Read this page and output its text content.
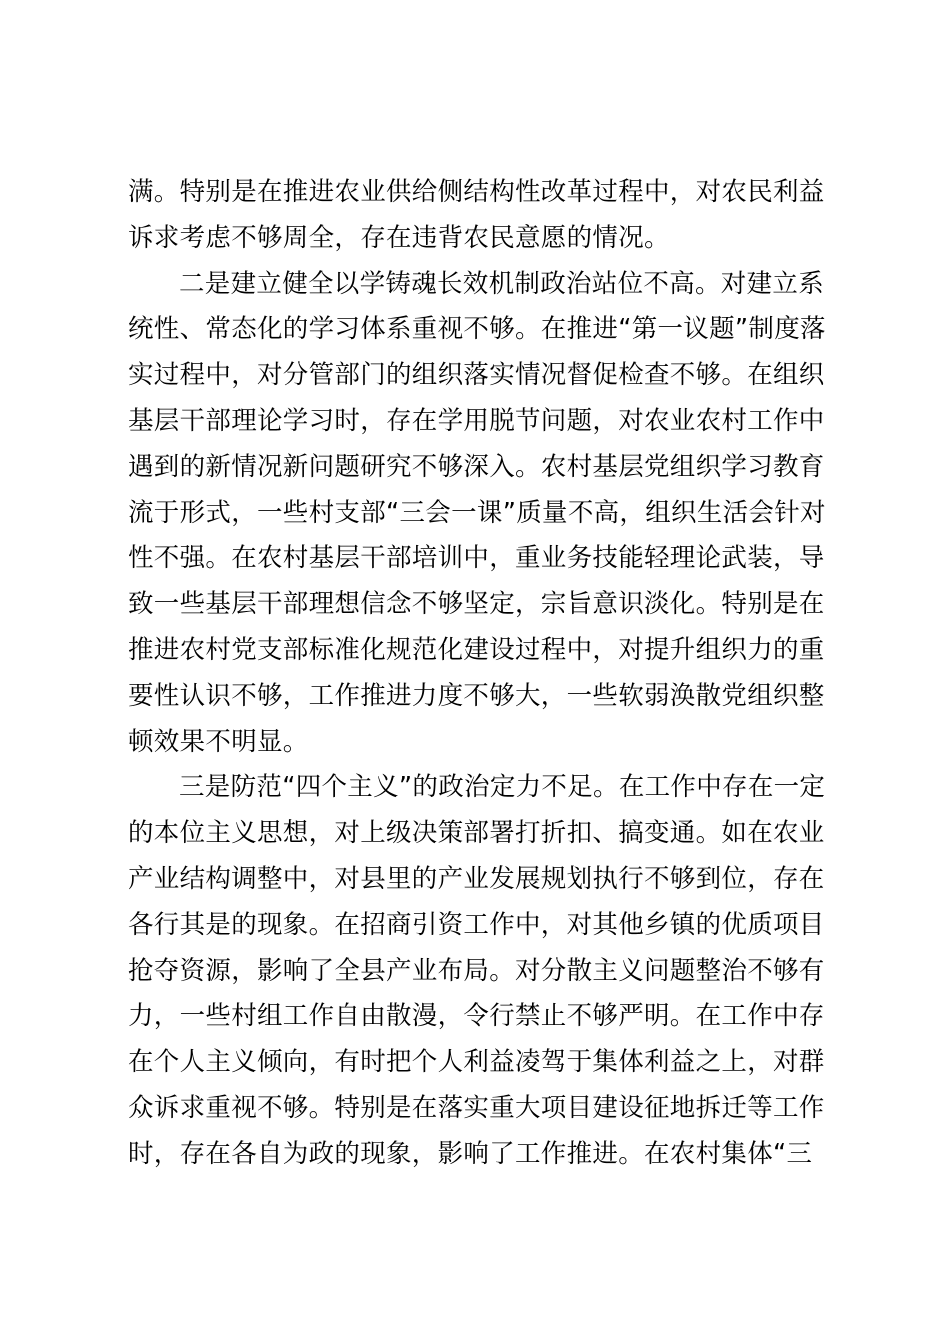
满。特别是在推进农业供给侧结构性改革过程中，对农民利益
诉求考虑不够周全，存在违背农民意愿的情况。
二是建立健全以学铸魂长效机制政治站位不高。对建立系
统性、常态化的学习体系重视不够。在推进“第一议题”制度落
实过程中，对分管部门的组织落实情况督促检查不够。在组织
基层干部理论学习时，存在学用脱节问题，对农业农村工作中
遇到的新情况新问题研究不够深入。农村基层党组织学习教育
流于形式，一些村支部“三会一课”质量不高，组织生活会针对
性不强。在农村基层干部培训中，重业务技能轻理论武装，导
致一些基层干部理想信念不够坚定，宗旨意识淡化。特别是在
推进农村党支部标准化规范化建设过程中，对提升组织力的重
要性认识不够，工作推进力度不够大，一些软弱涣散党组织整
顿效果不明显。
三是防范“四个主义”的政治定力不足。在工作中存在一定
的本位主义思想，对上级决策部署打折扣、搞变通。如在农业
产业结构调整中，对县里的产业发展规划执行不够到位，存在
各行其是的现象。在招商引资工作中，对其他乡镇的优质项目
抢夺资源，影响了全县产业布局。对分散主义问题整治不够有
力，一些村组工作自由散漫，令行禁止不够严明。在工作中存
在个人主义倾向，有时把个人利益凌驾于集体利益之上，对群
众诉求重视不够。特别是在落实重大项目建设征地拆迁等工作
时，存在各自为政的现象，影响了工作推进。在农村集体“三
